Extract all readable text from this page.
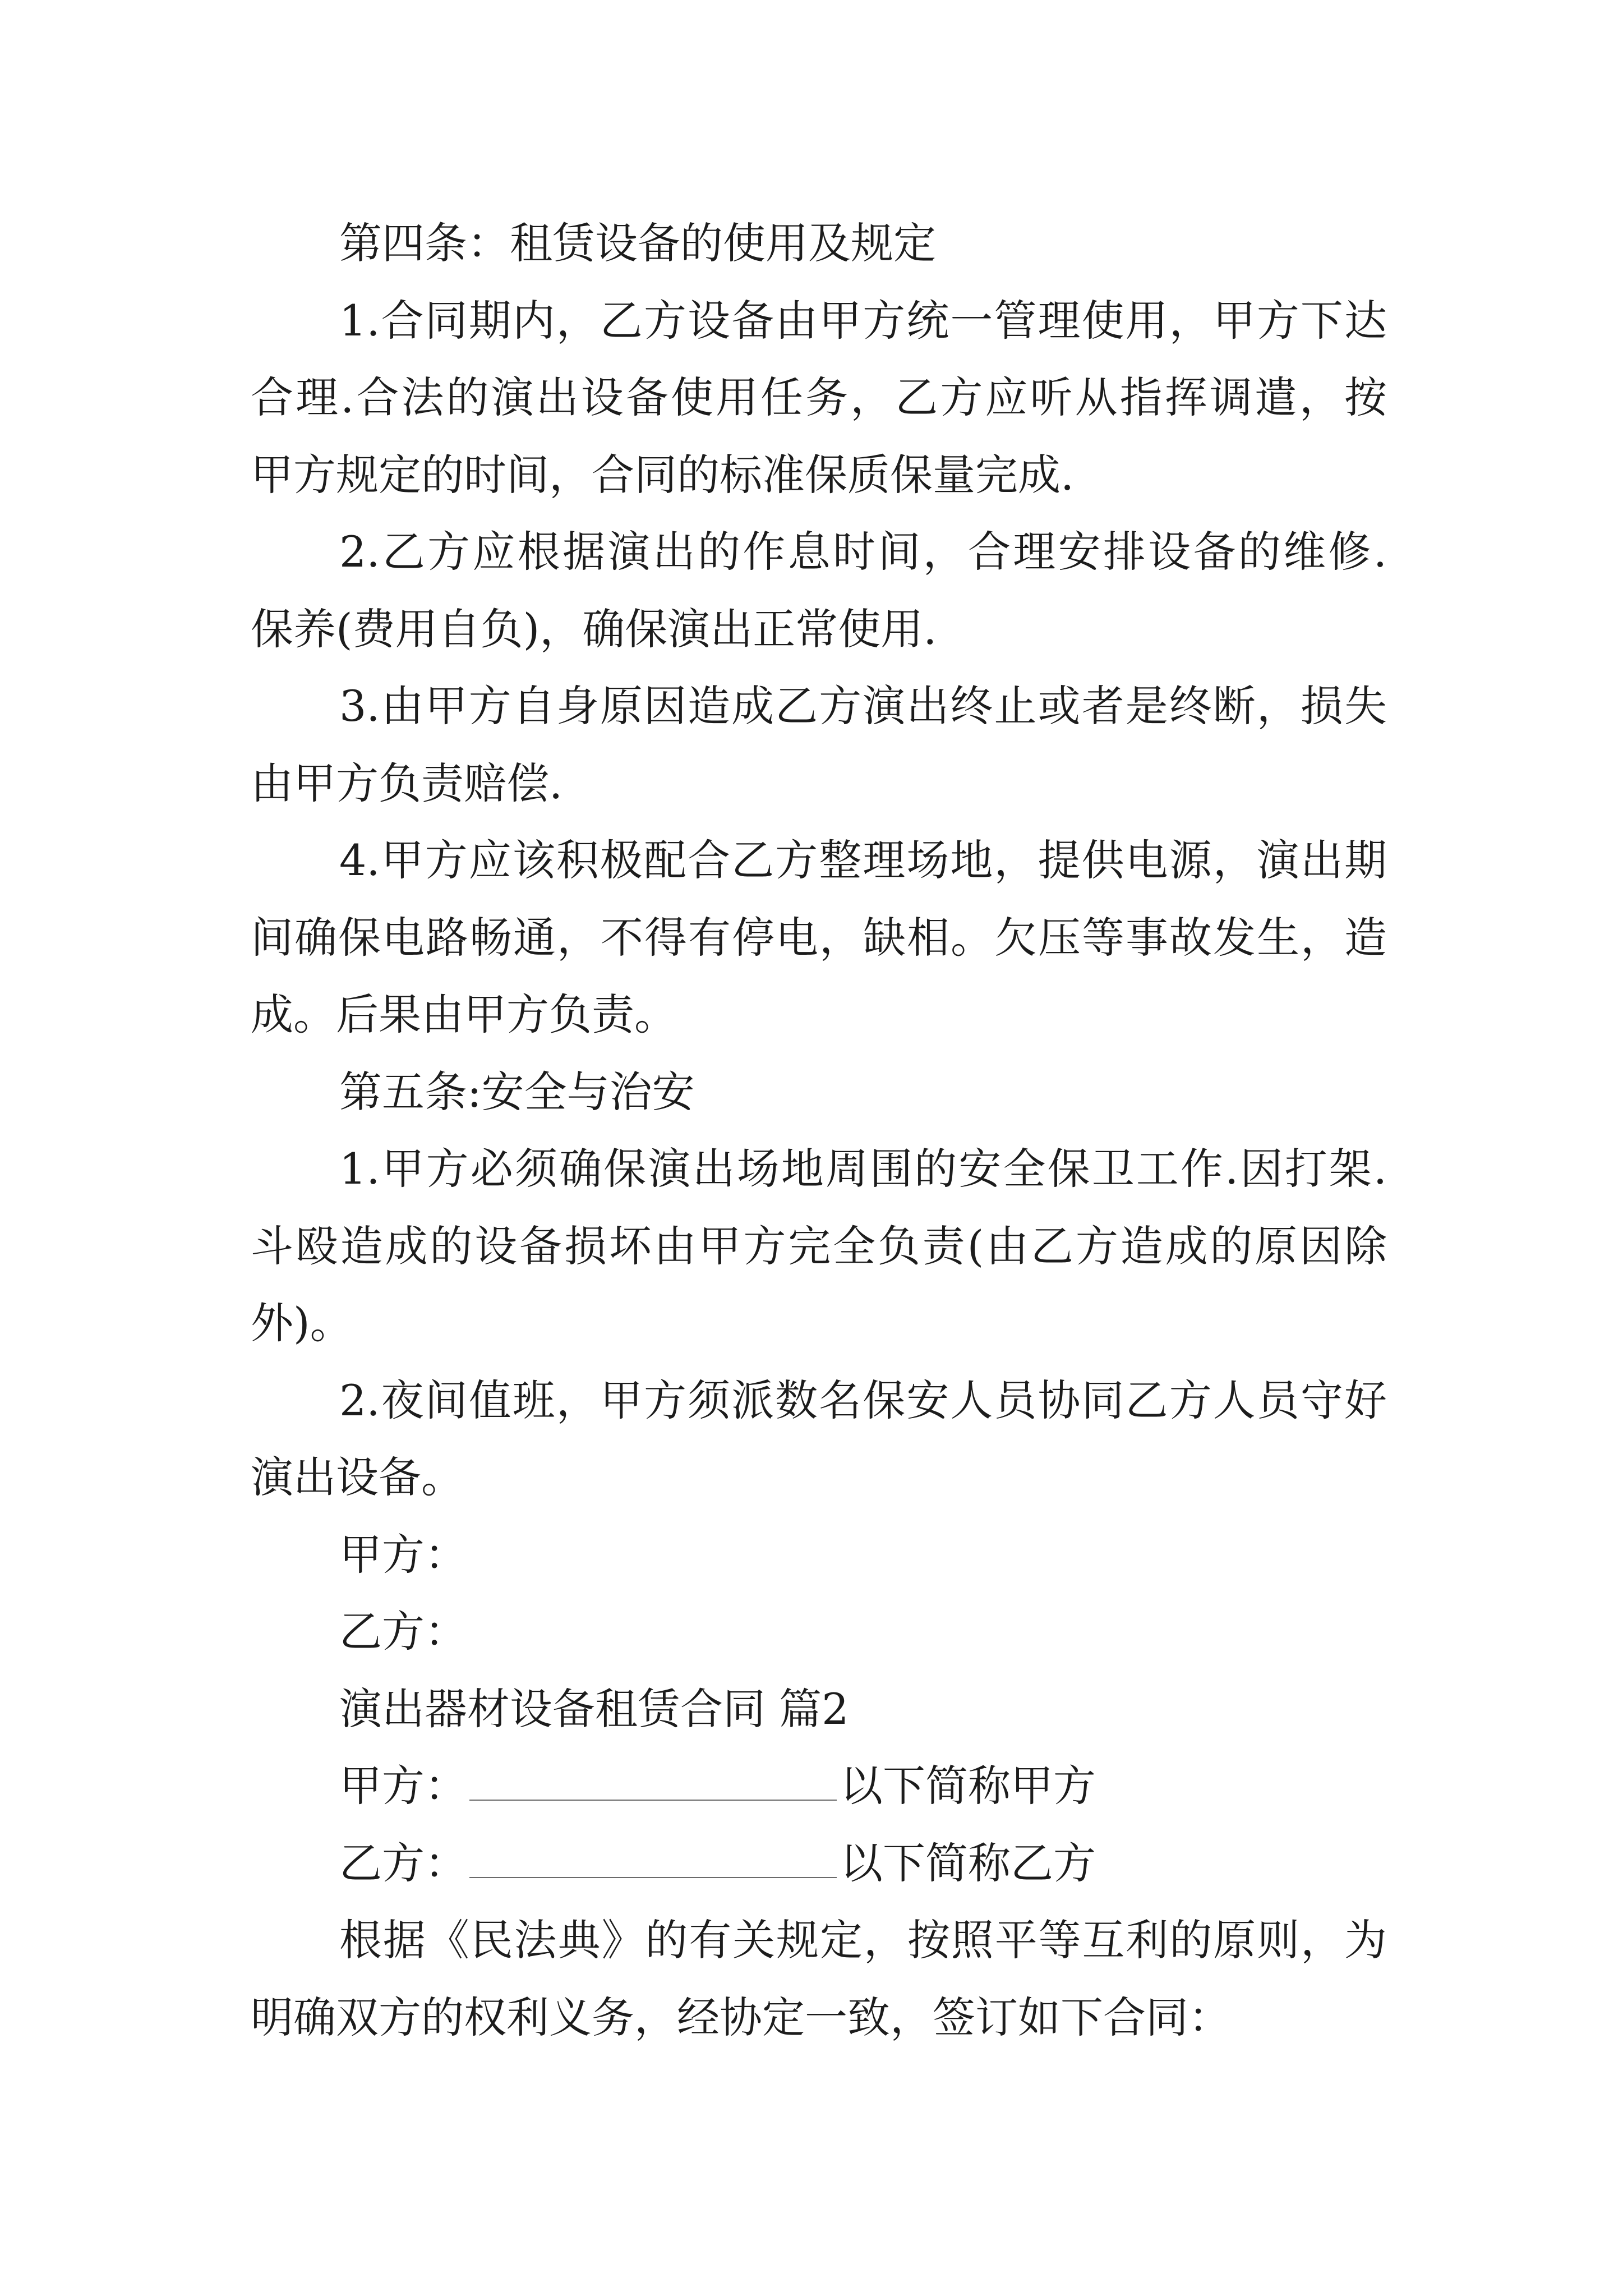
第四条：租赁设备的使用及规定
1.合同期内，乙方设备由甲方统一管理使用，甲方下达
合理.合法的演出设备使用任务，乙方应听从指挥调遣，按
甲方规定的时间，合同的标准保质保量完成.
2.乙方应根据演出的作息时间，合理安排设备的维修.
保养(费用自负)，确保演出正常使用.
3.由甲方自身原因造成乙方演出终止或者是终断，损失
由甲方负责赔偿.
4.甲方应该积极配合乙方整理场地，提供电源，演出期
间确保电路畅通，不得有停电，缺相。欠压等事故发生，造
成。后果由甲方负责。
第五条:安全与治安
1.甲方必须确保演出场地周围的安全保卫工作.因打架.
斗殴造成的设备损坏由甲方完全负责(由乙方造成的原因除
外)。
2.夜间值班，甲方须派数名保安人员协同乙方人员守好
演出设备。
甲方：
乙方：
演出器材设备租赁合同 篇2
甲方：	以下简称甲方
乙方：	以下简称乙方
根据《民法典》的有关规定，按照平等互利的原则，为
明确双方的权利义务，经协定一致，签订如下合同：
